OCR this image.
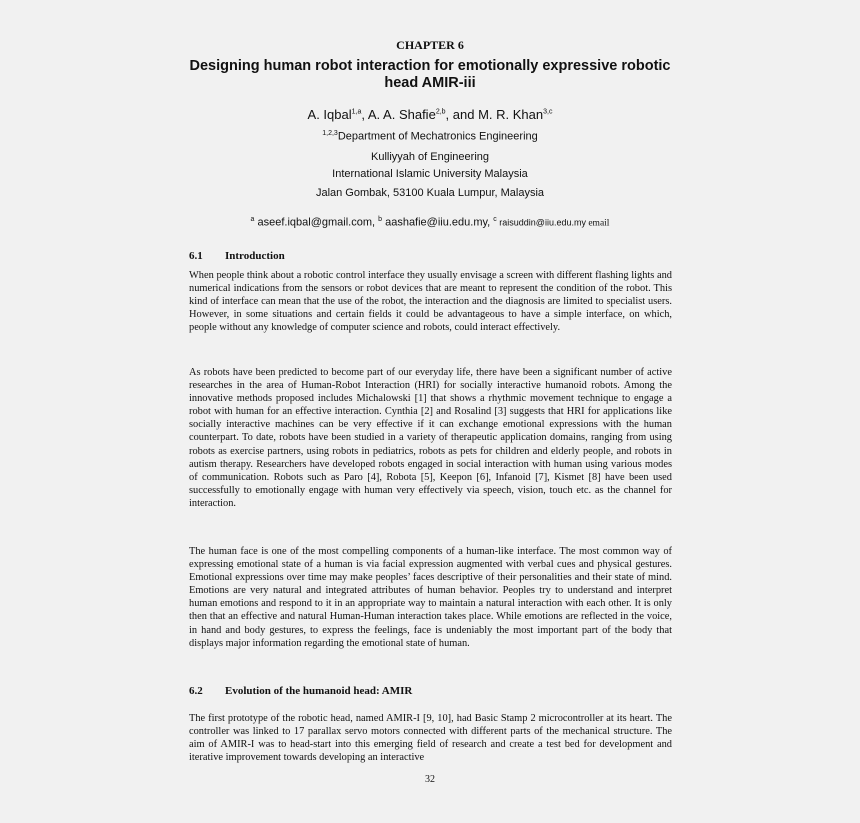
CHAPTER 6
Designing human robot interaction for emotionally expressive robotic
head AMIR-iii
A. Iqbal$^{1,a}$, A. A. Shafie$^{2,b}$, and M. R. Khan$^{3,c}$
$^{1,2,3}$Department of Mechatronics Engineering
Kulliyyah of Engineering
International Islamic University Malaysia
Jalan Gombak, 53100 Kuala Lumpur, Malaysia
$^a$ aseef.iqbal@gmail.com, $^b$ aashafie@iiu.edu.my, $^c$ raisuddin@iiu.edu.my email
6.1 Introduction
When people think about a robotic control interface they usually envisage a screen with different flashing lights and numerical indications from the sensors or robot devices that are meant to represent the condition of the robot. This kind of interface can mean that the use of the robot, the interaction and the diagnosis are limited to specialist users. However, in some situations and certain fields it could be advantageous to have a simple interface, on which, people without any knowledge of computer science and robots, could interact effectively.
As robots have been predicted to become part of our everyday life, there have been a significant number of active researches in the area of Human-Robot Interaction (HRI) for socially interactive humanoid robots. Among the innovative methods proposed includes Michalowski [1] that shows a rhythmic movement technique to engage a robot with human for an effective interaction. Cynthia [2] and Rosalind [3] suggests that HRI for applications like socially interactive machines can be very effective if it can exchange emotional expressions with the human counterpart. To date, robots have been studied in a variety of therapeutic application domains, ranging from using robots as exercise partners, using robots in pediatrics, robots as pets for children and elderly people, and robots in autism therapy. Researchers have developed robots engaged in social interaction with human using various modes of communication. Robots such as Paro [4], Robota [5], Keepon [6], Infanoid [7], Kismet [8] have been used successfully to emotionally engage with human very effectively via speech, vision, touch etc. as the channel for interaction.
The human face is one of the most compelling components of a human-like interface. The most common way of expressing emotional state of a human is via facial expression augmented with verbal cues and physical gestures. Emotional expressions over time may make peoples’ faces descriptive of their personalities and their state of mind. Emotions are very natural and integrated attributes of human behavior. Peoples try to understand and interpret human emotions and respond to it in an appropriate way to maintain a natural interaction with each other. It is only then that an effective and natural Human-Human interaction takes place. While emotions are reflected in the voice, in hand and body gestures, to express the feelings, face is undeniably the most important part of the body that displays major information regarding the emotional state of human.
6.2 Evolution of the humanoid head: AMIR
The first prototype of the robotic head, named AMIR-I [9, 10], had Basic Stamp 2 microcontroller at its heart. The controller was linked to 17 parallax servo motors connected with different parts of the mechanical structure. The aim of AMIR-I was to head-start into this emerging field of research and create a test bed for development and iterative improvement towards developing an interactive
32
